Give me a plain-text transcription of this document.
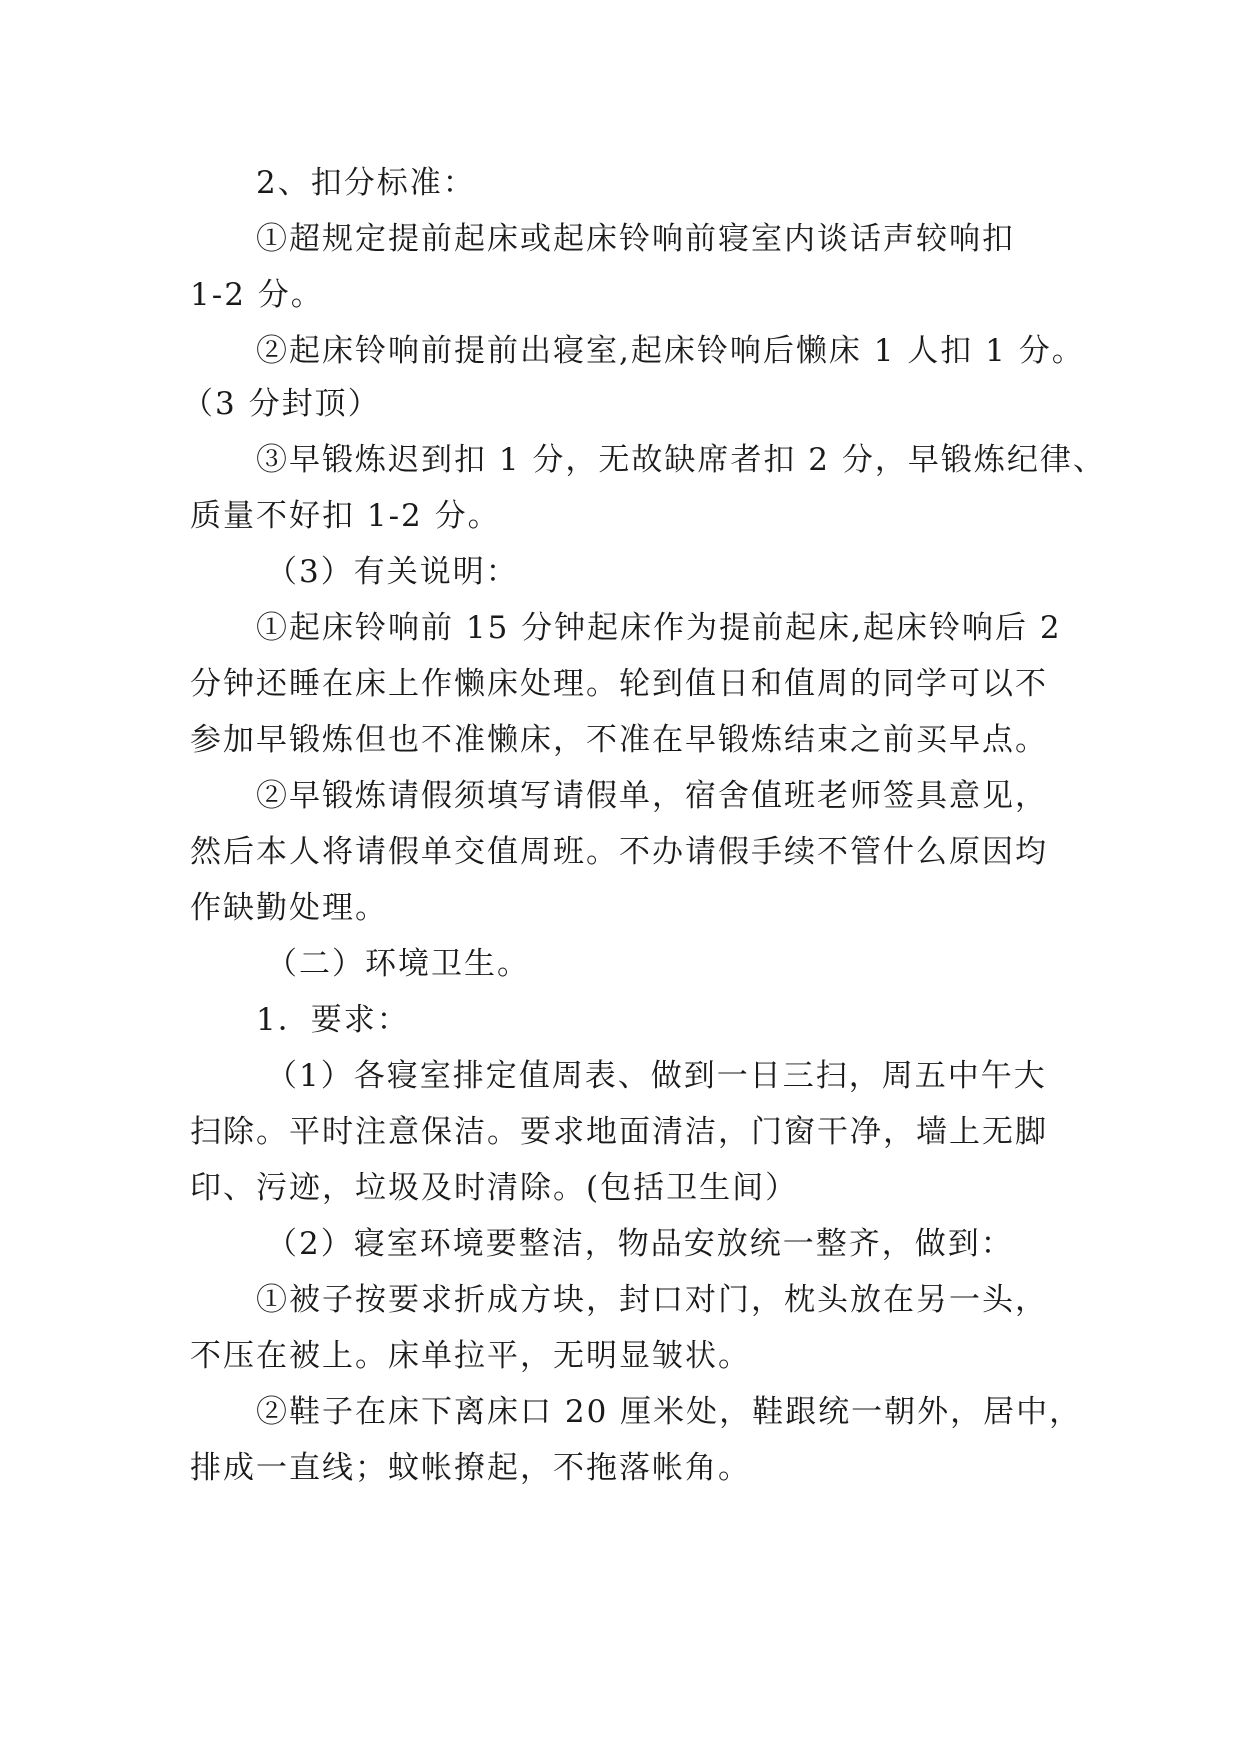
2、扣分标准：
①超规定提前起床或起床铃响前寝室内谈话声较响扣
1-2 分。
②起床铃响前提前出寝室,起床铃响后懒床 1 人扣 1 分。
（3 分封顶）
③早锻炼迟到扣 1 分，无故缺席者扣 2 分，早锻炼纪律、
质量不好扣 1-2 分。
（3）有关说明：
①起床铃响前 15 分钟起床作为提前起床,起床铃响后 2
分钟还睡在床上作懒床处理。轮到值日和值周的同学可以不
参加早锻炼但也不准懒床，不准在早锻炼结束之前买早点。
②早锻炼请假须填写请假单，宿舍值班老师签具意见，
然后本人将请假单交值周班。不办请假手续不管什么原因均
作缺勤处理。
（二）环境卫生。
1．要求：
（1）各寝室排定值周表、做到一日三扫，周五中午大
扫除。平时注意保洁。要求地面清洁，门窗干净，墙上无脚
印、污迹，垃圾及时清除。(包括卫生间）
（2）寝室环境要整洁，物品安放统一整齐，做到：
①被子按要求折成方块，封口对门，枕头放在另一头，
不压在被上。床单拉平，无明显皱状。
②鞋子在床下离床口 20 厘米处，鞋跟统一朝外，居中，
排成一直线；蚊帐撩起，不拖落帐角。
